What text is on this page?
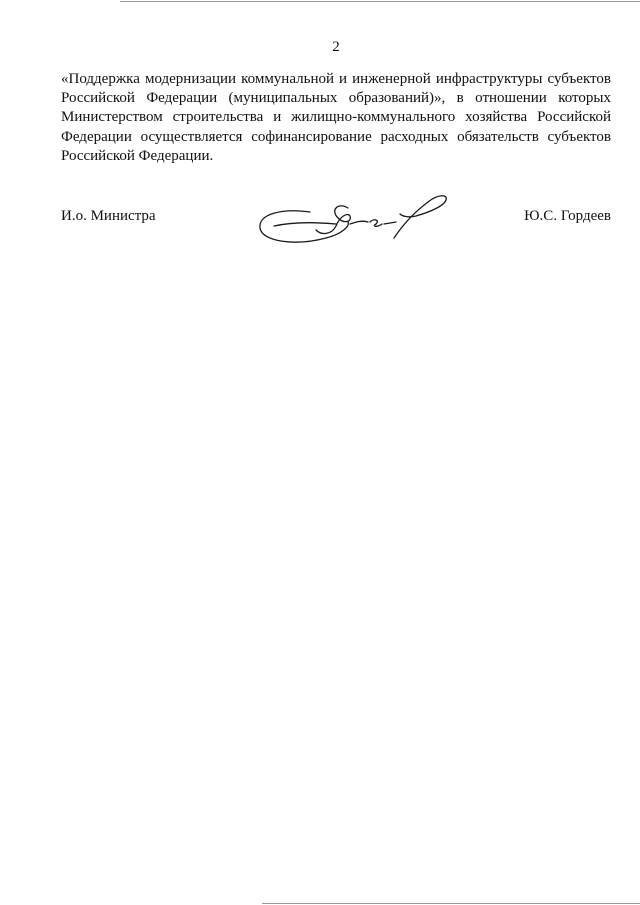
2

«Поддержка модернизации коммунальной и инженерной инфраструктуры субъектов
Российской Федерации (муниципальных образований)», в отношении которых
Министерством строительства и жилищно-коммунального хозяйства Российской
Федерации осуществляется софинансирование расходных обязательств субъектов
Российской Федерации.

И.о. Министра	Ю.С. Гордеев
